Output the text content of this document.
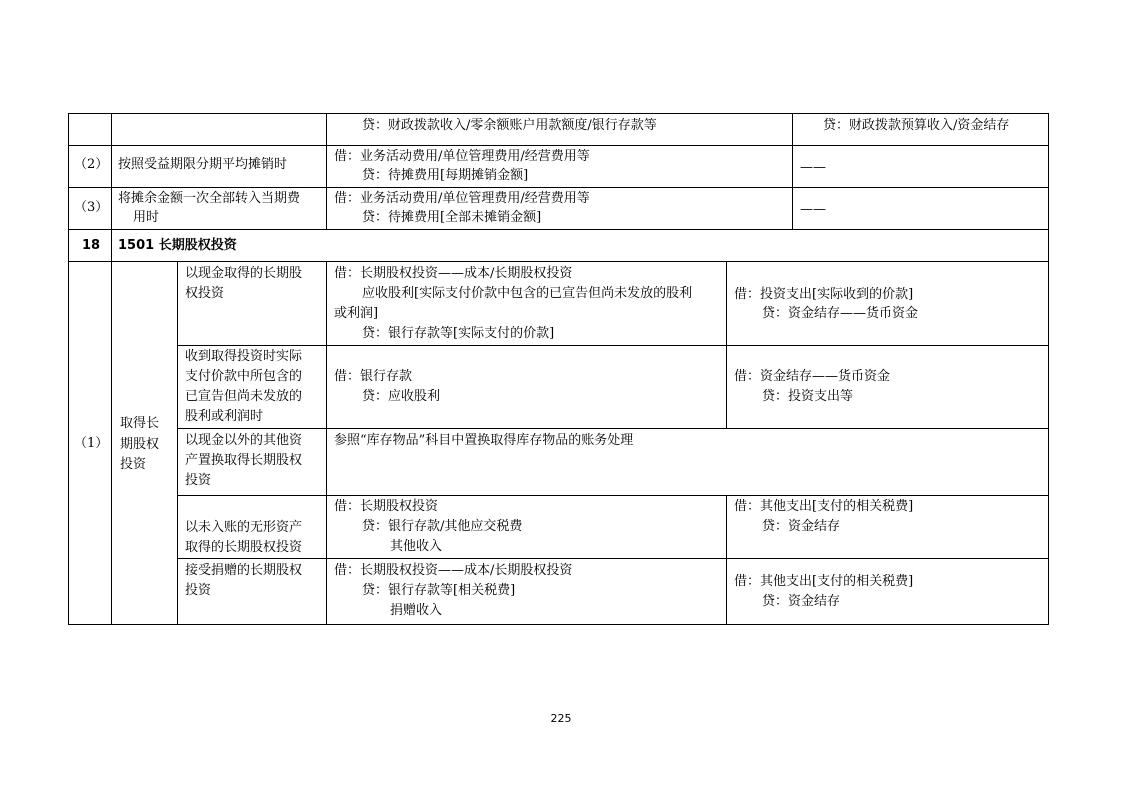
贷：财政拨款收入/零余额账户用款额度/银行存款等	贷：财政拨款预算收入/资金结存
（2） 按照受益期限分期平均摊销时
借：业务活动费用/单位管理费用/经营费用等
贷：待摊费用[每期摊销金额]
——
（3）
将摊余金额一次全部转入当期费
用时
借：业务活动费用/单位管理费用/经营费用等
贷：待摊费用[全部未摊销金额]
——
18 1501 长期股权投资
（1）
取得长
期股权
投资
以现金取得的长期股
权投资
借：长期股权投资——成本/长期股权投资
应收股利[实际支付价款中包含的已宣告但尚未发放的股利
或利润]
贷：银行存款等[实际支付的价款]
借：投资支出[实际收到的价款]
贷：资金结存——货币资金
收到取得投资时实际
支付价款中所包含的
已宣告但尚未发放的
股利或利润时
借：银行存款
贷：应收股利
借：资金结存——货币资金
贷：投资支出等
以现金以外的其他资
产置换取得长期股权
投资
参照“库存物品”科目中置换取得库存物品的账务处理
以未入账的无形资产
取得的长期股权投资
借：长期股权投资
贷：银行存款/其他应交税费
其他收入
借：其他支出[支付的相关税费]
贷：资金结存
接受捐赠的长期股权
投资
借：长期股权投资——成本/长期股权投资
贷：银行存款等[相关税费]
捐赠收入
借：其他支出[支付的相关税费]
贷：资金结存
225
